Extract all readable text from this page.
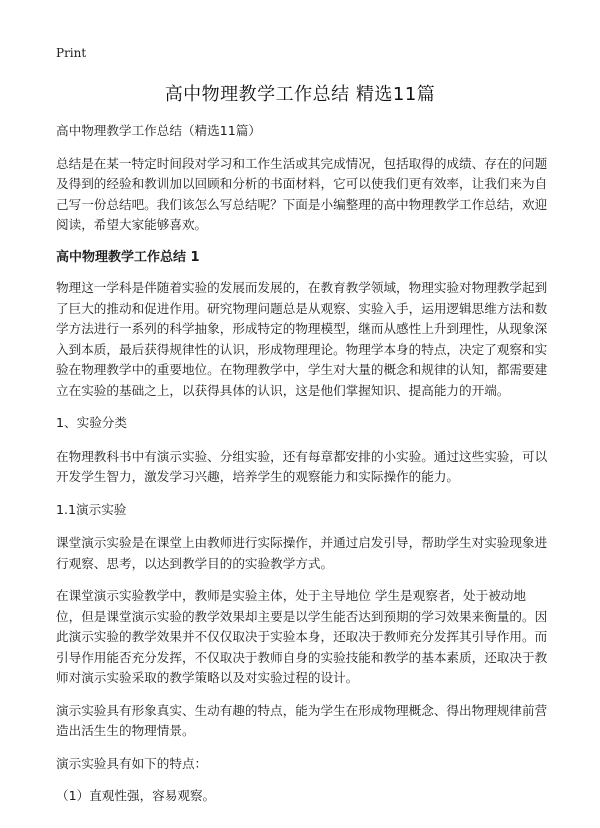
Print
高中物理教学工作总结 精选11篇

高中物理教学工作总结（精选11篇）

总结是在某一特定时间段对学习和工作生活或其完成情况，包括取得的成绩、存在的问题及得到的经验和教训加以回顾和分析的书面材料，它可以使我们更有效率，让我们来为自己写一份总结吧。我们该怎么写总结呢？下面是小编整理的高中物理教学工作总结，欢迎阅读，希望大家能够喜欢。

高中物理教学工作总结 1

物理这一学科是伴随着实验的发展而发展的，在教育教学领域，物理实验对物理教学起到了巨大的推动和促进作用。研究物理问题总是从观察、实验入手，运用逻辑思维方法和数学方法进行一系列的科学抽象，形成特定的物理模型，继而从感性上升到理性，从现象深入到本质，最后获得规律性的认识，形成物理理论。物理学本身的特点，决定了观察和实验在物理教学中的重要地位。在物理教学中，学生对大量的概念和规律的认知，都需要建立在实验的基础之上，以获得具体的认识，这是他们掌握知识、提高能力的开端。

1、实验分类

在物理教科书中有演示实验、分组实验，还有每章都安排的小实验。通过这些实验，可以开发学生智力，激发学习兴趣，培养学生的观察能力和实际操作的能力。

1.1演示实验

课堂演示实验是在课堂上由教师进行实际操作，并通过启发引导，帮助学生对实验现象进行观察、思考，以达到教学目的的实验教学方式。

在课堂演示实验教学中，教师是实验主体，处于主导地位 学生是观察者，处于被动地位，但是课堂演示实验的教学效果却主要是以学生能否达到预期的学习效果来衡量的。因此演示实验的教学效果并不仅仅取决于实验本身，还取决于教师充分发挥其引导作用。而引导作用能否充分发挥，不仅取决于教师自身的实验技能和教学的基本素质，还取决于教师对演示实验采取的教学策略以及对实验过程的设计。

演示实验具有形象真实、生动有趣的特点，能为学生在形成物理概念、得出物理规律前营造出活生生的物理情景。

演示实验具有如下的特点：

（1）直观性强，容易观察。
